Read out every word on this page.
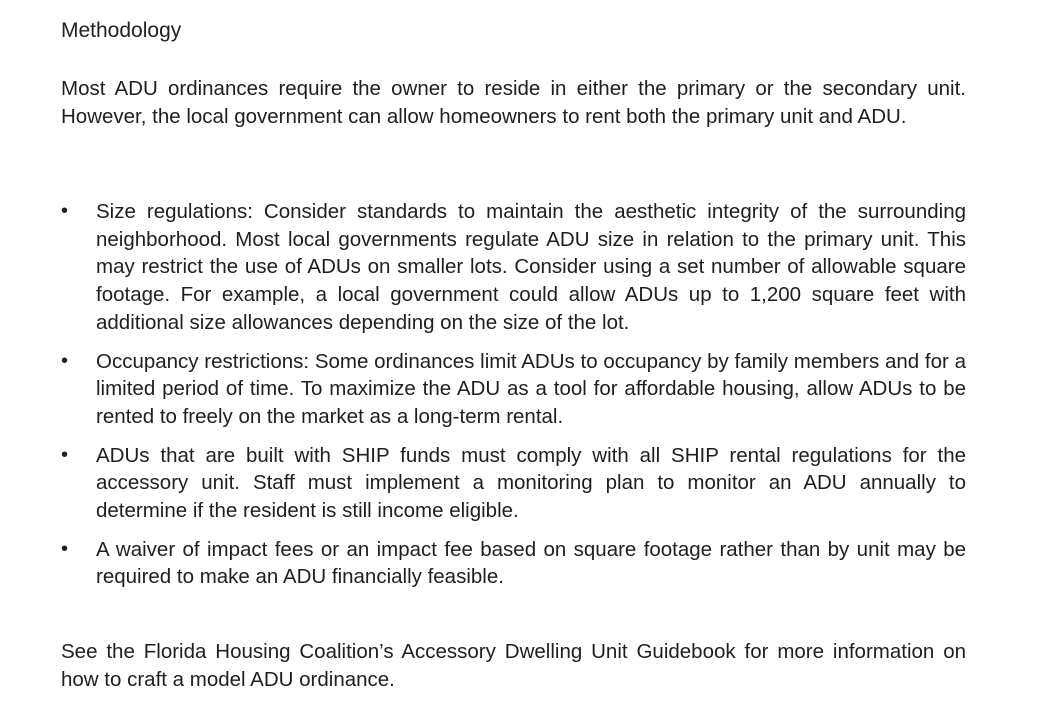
Methodology

Most ADU ordinances require the owner to reside in either the primary or the secondary unit. However, the local government can allow homeowners to rent both the primary unit and ADU.

• Size regulations: Consider standards to maintain the aesthetic integrity of the surrounding neighborhood. Most local governments regulate ADU size in relation to the primary unit. This may restrict the use of ADUs on smaller lots. Consider using a set number of allowable square footage. For example, a local government could allow ADUs up to 1,200 square feet with additional size allowances depending on the size of the lot.
• Occupancy restrictions: Some ordinances limit ADUs to occupancy by family members and for a limited period of time. To maximize the ADU as a tool for affordable housing, allow ADUs to be rented to freely on the market as a long-term rental.
• ADUs that are built with SHIP funds must comply with all SHIP rental regulations for the accessory unit. Staff must implement a monitoring plan to monitor an ADU annually to determine if the resident is still income eligible.
• A waiver of impact fees or an impact fee based on square footage rather than by unit may be required to make an ADU financially feasible.

See the Florida Housing Coalition’s Accessory Dwelling Unit Guidebook for more information on how to craft a model ADU ordinance.
